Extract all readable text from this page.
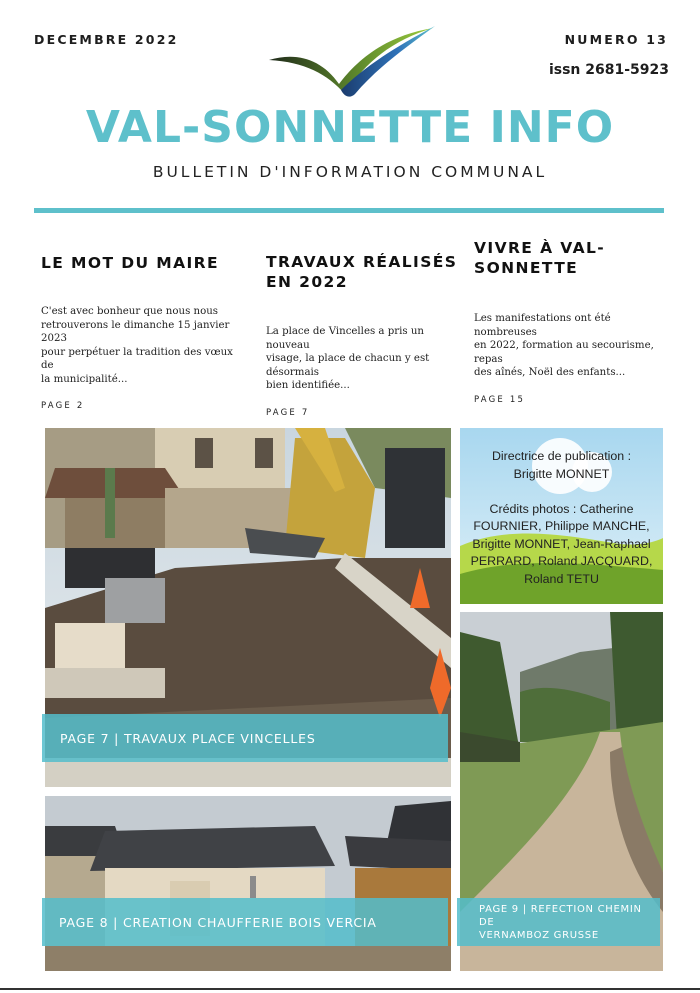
DECEMBRE 2022	NUMERO 13
issn 2681-5923
VAL-SONNETTE INFO
BULLETIN D'INFORMATION COMMUNAL
LE MOT DU MAIRE

C'est avec bonheur que nous nous
retrouverons le dimanche 15 janvier 2023
pour perpétuer la tradition des vœux de
la municipalité...

PAGE 2
TRAVAUX RÉALISÉS
EN 2022

La place de Vincelles a pris un nouveau
visage, la place de chacun y est désormais
bien identifiée...

PAGE 7
VIVRE À VAL-
SONNETTE

Les manifestations ont été nombreuses
en 2022, formation au secourisme, repas
des aînés, Noël des enfants...

PAGE 15
PAGE 7 | TRAVAUX PLACE VINCELLES
Directrice de publication :
Brigitte MONNET
Crédits photos : Catherine
FOURNIER, Philippe MANCHE,
Brigitte MONNET, Jean-Raphael
PERRARD, Roland JACQUARD,
Roland TETU
PAGE 9 | REFECTION CHEMIN DE
VERNAMBOZ GRUSSE
PAGE 8 | CREATION CHAUFFERIE BOIS VERCIA
